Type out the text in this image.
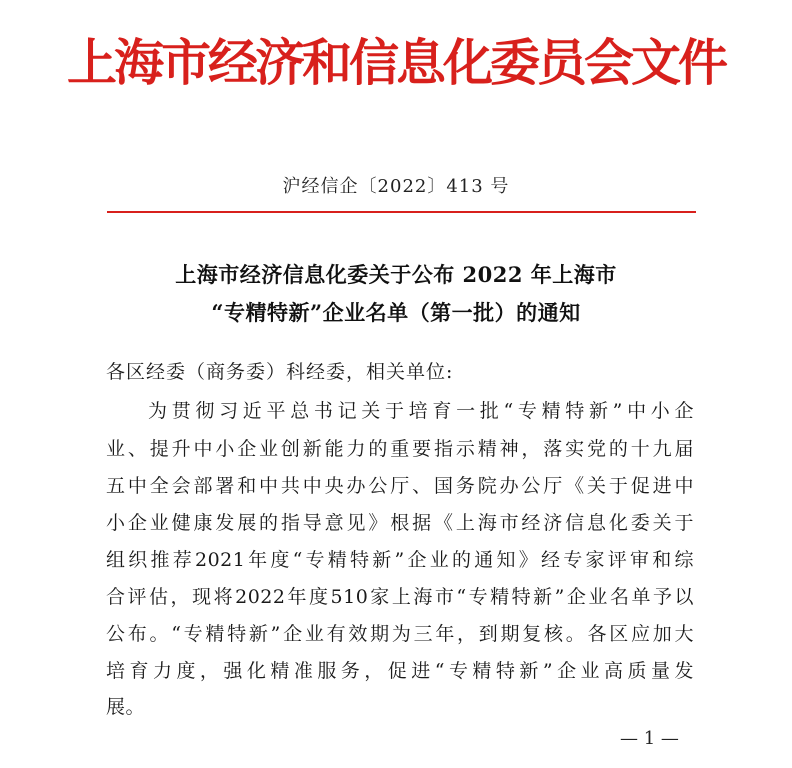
上海市经济和信息化委员会文件
沪经信企〔2022〕413 号
上海市经济信息化委关于公布 2022 年上海市
“专精特新”企业名单（第一批）的通知
各区经委（商务委）科经委，相关单位:
为贯彻习近平总书记关于培育一批“专精特新”中小企
业、提升中小企业创新能力的重要指示精神，落实党的十九届
五中全会部署和中共中央办公厅、国务院办公厅《关于促进中
小企业健康发展的指导意见》根据《上海市经济信息化委关于
组织推荐2021年度“专精特新”企业的通知》经专家评审和综
合评估，现将2022年度510家上海市“专精特新”企业名单予以
公布。“专精特新”企业有效期为三年，到期复核。各区应加大
培育力度，强化精准服务，促进“专精特新”企业高质量发
展。
— 1 —
